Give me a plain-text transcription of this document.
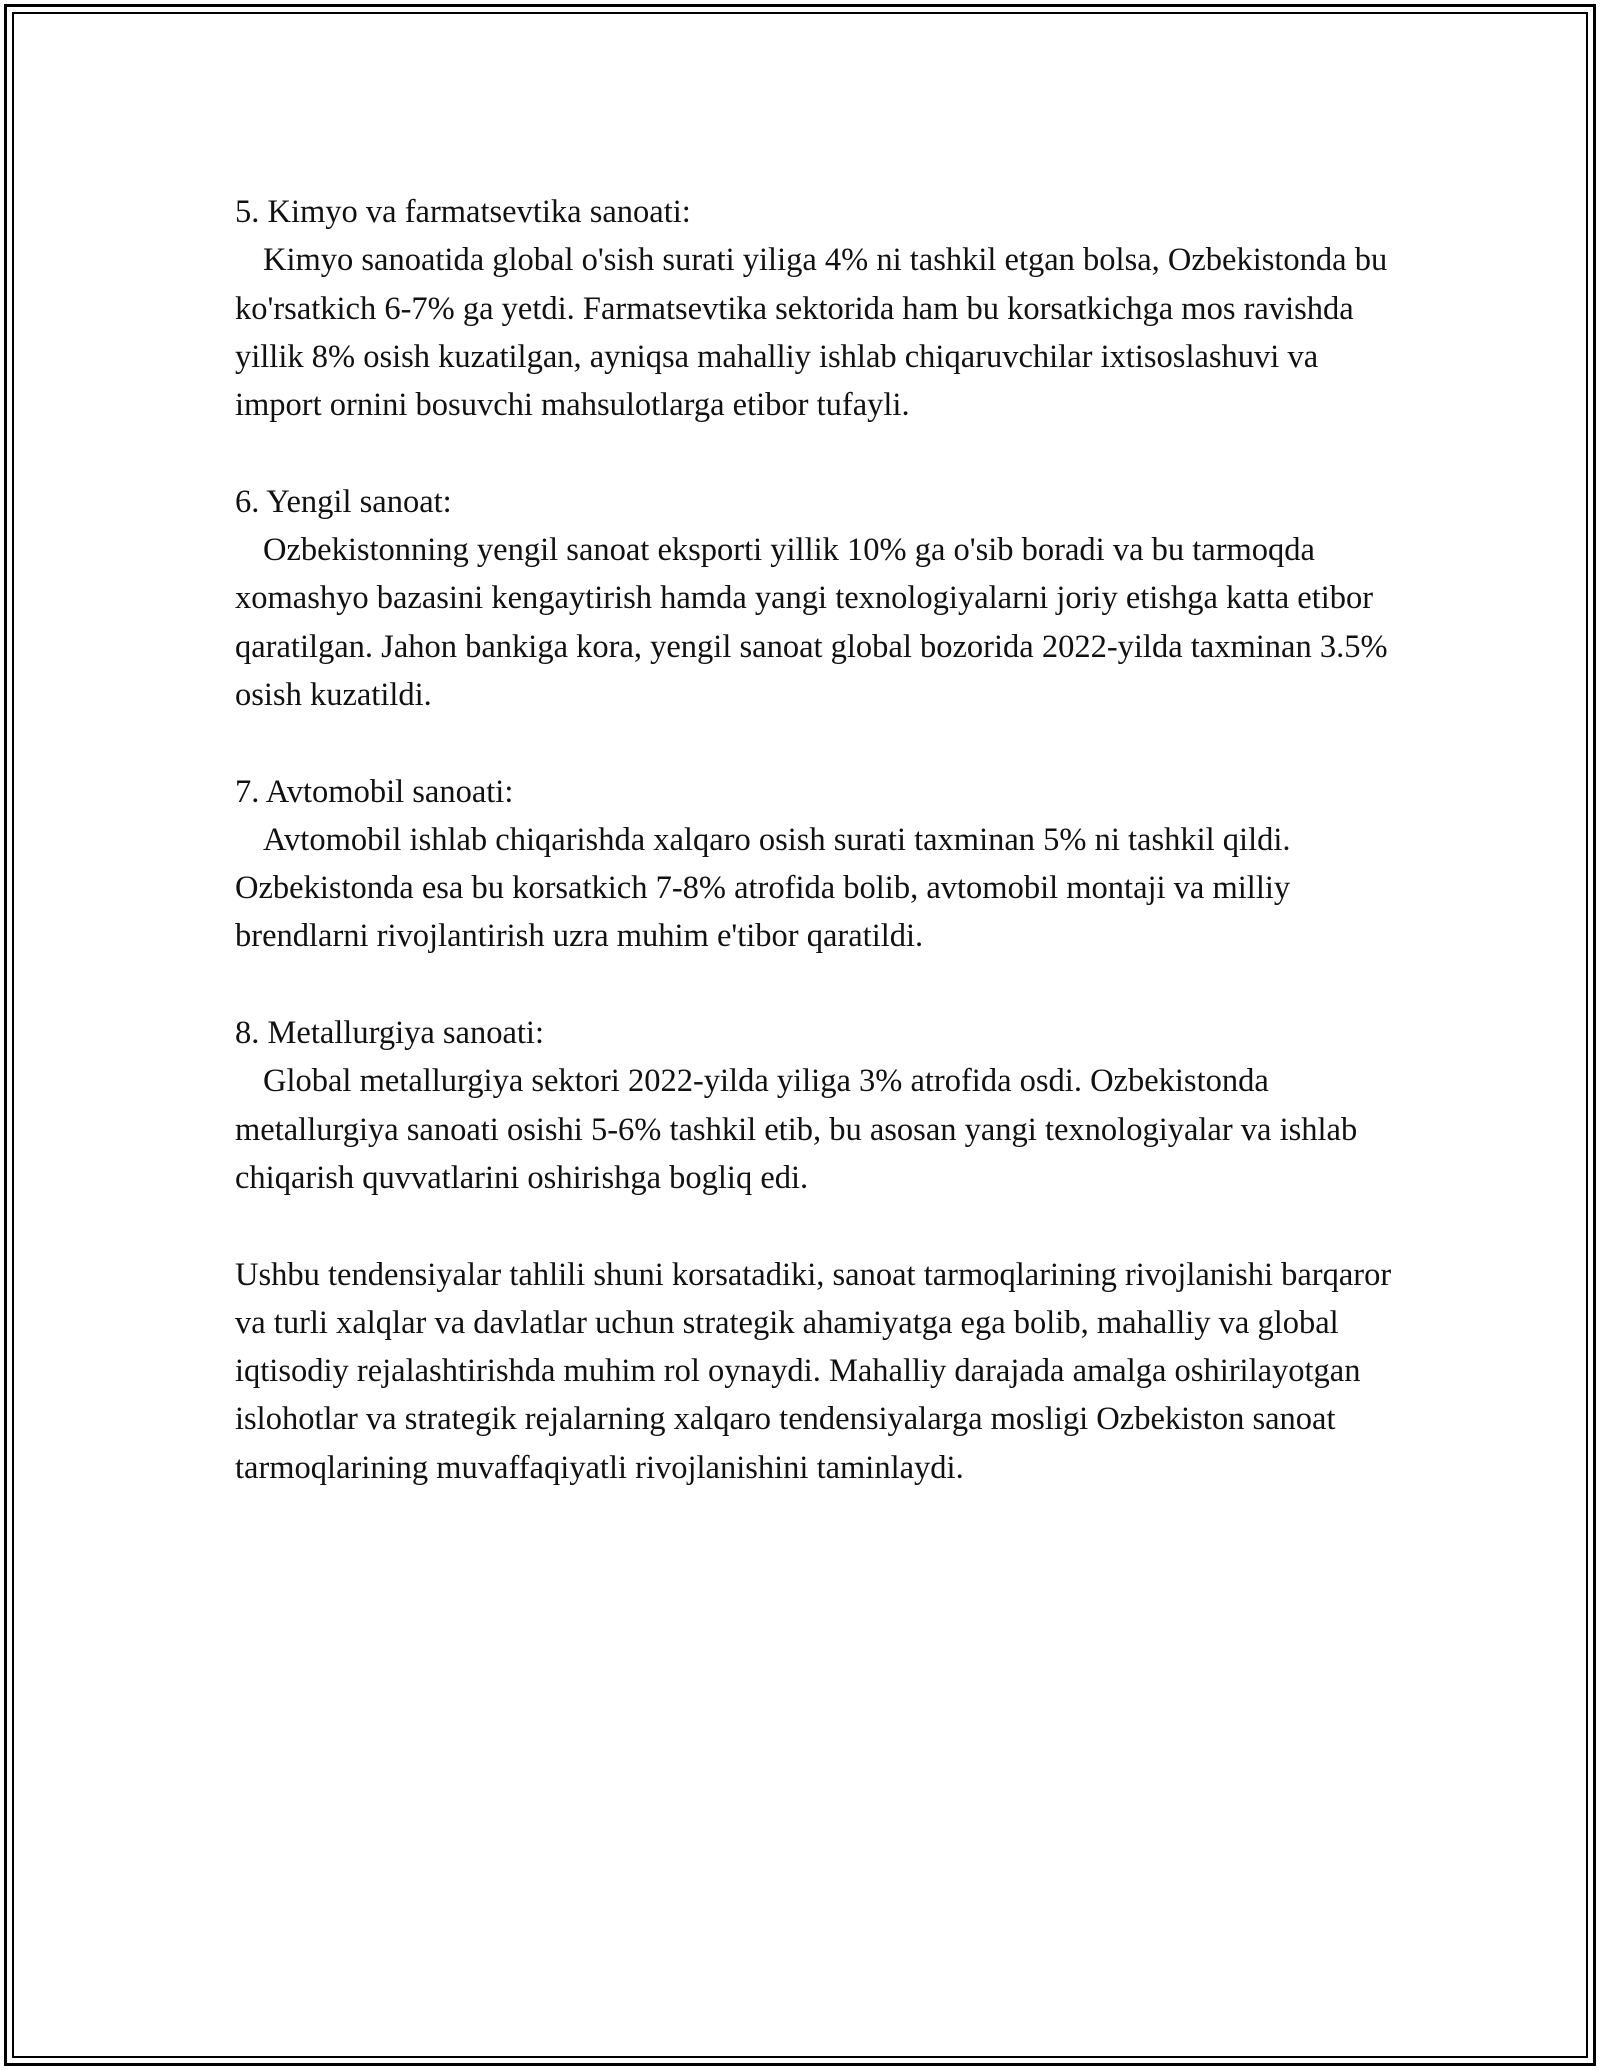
5. Kimyo va farmatsevtika sanoati:

Kimyo sanoatida global o'sish surati yiliga 4% ni tashkil etgan bolsa, Ozbekistonda bu ko'rsatkich 6-7% ga yetdi. Farmatsevtika sektorida ham bu korsatkichga mos ravishda yillik 8% osish kuzatilgan, ayniqsa mahalliy ishlab chiqaruvchilar ixtisoslashuvi va import ornini bosuvchi mahsulotlarga etibor tufayli.

6. Yengil sanoat:

Ozbekistonning yengil sanoat eksporti yillik 10% ga o'sib boradi va bu tarmoqda xomashyo bazasini kengaytirish hamda yangi texnologiyalarni joriy etishga katta etibor qaratilgan. Jahon bankiga kora, yengil sanoat global bozorida 2022-yilda taxminan 3.5% osish kuzatildi.

7. Avtomobil sanoati:

Avtomobil ishlab chiqarishda xalqaro osish surati taxminan 5% ni tashkil qildi. Ozbekistonda esa bu korsatkich 7-8% atrofida bolib, avtomobil montaji va milliy brendlarni rivojlantirish uzra muhim e'tibor qaratildi.

8. Metallurgiya sanoati:

Global metallurgiya sektori 2022-yilda yiliga 3% atrofida osdi. Ozbekistonda metallurgiya sanoati osishi 5-6% tashkil etib, bu asosan yangi texnologiyalar va ishlab chiqarish quvvatlarini oshirishga bogliq edi.

Ushbu tendensiyalar tahlili shuni korsatadiki, sanoat tarmoqlarining rivojlanishi barqaror va turli xalqlar va davlatlar uchun strategik ahamiyatga ega bolib, mahalliy va global iqtisodiy rejalashtirishda muhim rol oynaydi. Mahalliy darajada amalga oshirilayotgan islohotlar va strategik rejalarning xalqaro tendensiyalarga mosligi Ozbekiston sanoat tarmoqlarining muvaffaqiyatli rivojlanishini taminlaydi.
